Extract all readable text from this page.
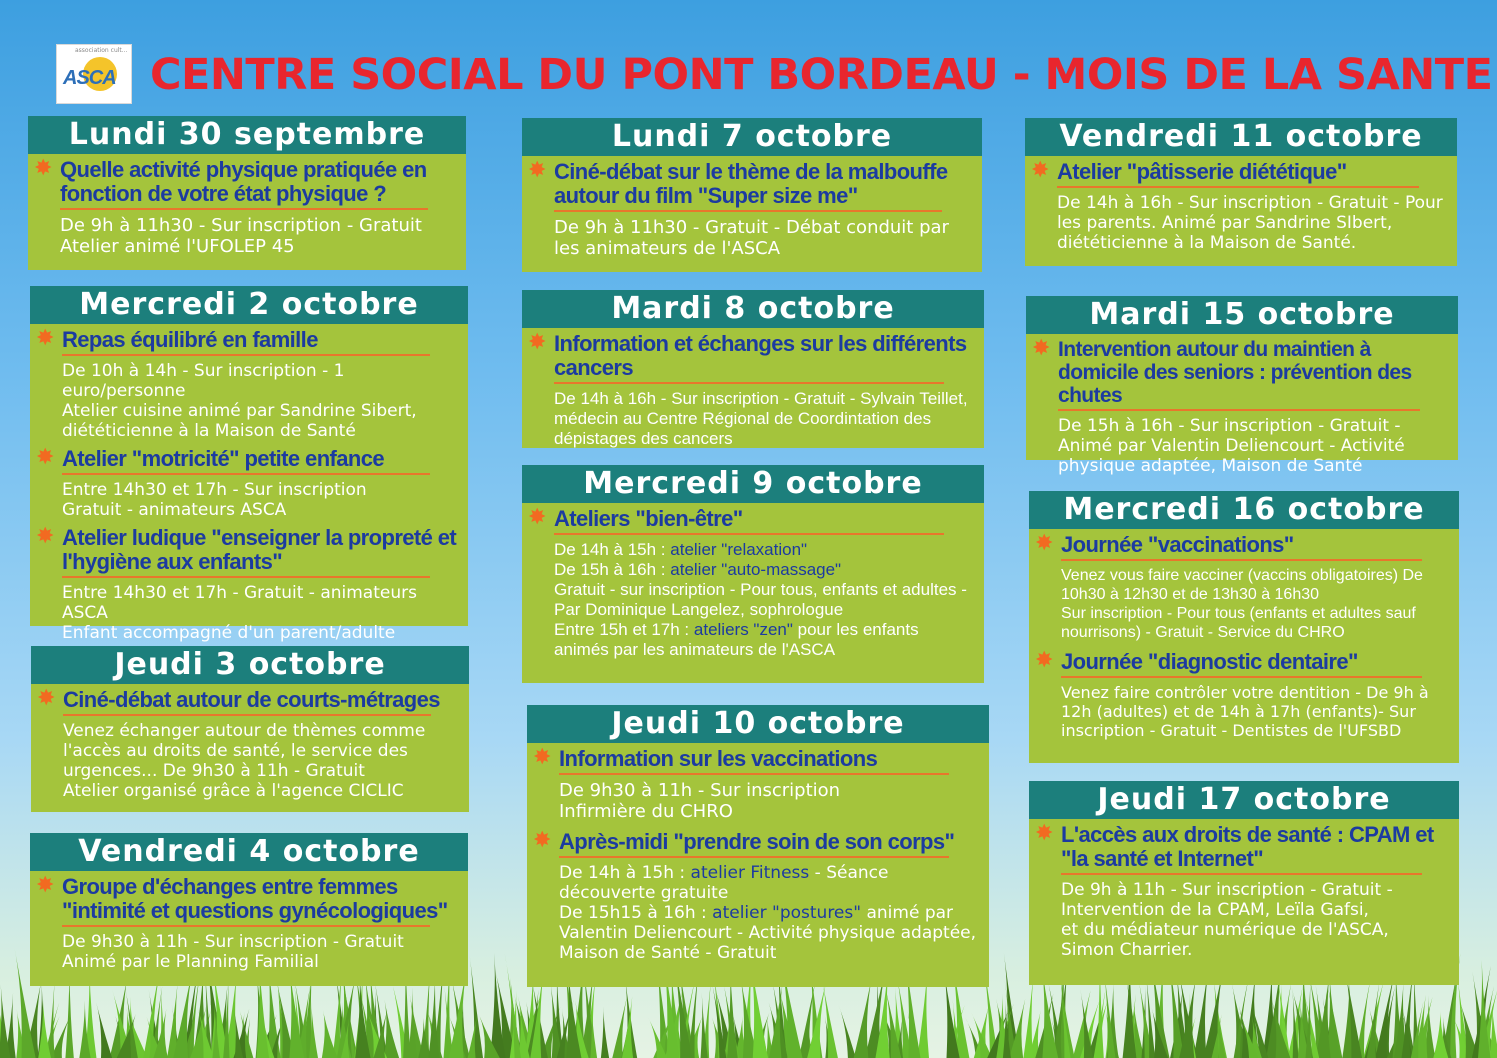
association cult...
ASCA CENTRE SOCIAL DU PONT BORDEAU - MOIS DE LA SANTE
Lundi 30 septembre
✸ Quelle activité physique pratiquée en fonction de votre état physique ?
De 9h à 11h30 - Sur inscription - Gratuit
Atelier animé l'UFOLEP 45
Mercredi 2 octobre
✸ Repas équilibré en famille
De 10h à 14h - Sur inscription - 1 euro/personne
Atelier cuisine animé par Sandrine Sibert, diététicienne à la Maison de Santé
✸ Atelier "motricité" petite enfance
Entre 14h30 et 17h - Sur inscription
Gratuit - animateurs ASCA
✸ Atelier ludique "enseigner la propreté et l'hygiène aux enfants"
Entre 14h30 et 17h - Gratuit - animateurs ASCA
Enfant accompagné d'un parent/adulte
Jeudi 3 octobre
✸ Ciné-débat autour de courts-métrages
Venez échanger autour de thèmes comme l'accès au droits de santé, le service des urgences... De 9h30 à 11h - Gratuit
Atelier organisé grâce à l'agence CICLIC
Vendredi 4 octobre
✸ Groupe d'échanges entre femmes "intimité et questions gynécologiques"
De 9h30 à 11h - Sur inscription - Gratuit
Animé par le Planning Familial
Lundi 7 octobre
✸ Ciné-débat sur le thème de la malbouffe autour du film "Super size me"
De 9h à 11h30 - Gratuit - Débat conduit par les animateurs de l'ASCA
Mardi 8 octobre
✸ Information et échanges sur les différents cancers
De 14h à 16h - Sur inscription - Gratuit - Sylvain Teillet, médecin au Centre Régional de Coordintation des dépistages des cancers
Mercredi 9 octobre
✸ Ateliers "bien-être"
De 14h à 15h : atelier "relaxation"
De 15h à 16h : atelier "auto-massage"
Gratuit - sur inscription - Pour tous, enfants et adultes - Par Dominique Langelez, sophrologue
Entre 15h et 17h : ateliers "zen" pour les enfants animés par les animateurs de l'ASCA
Jeudi 10 octobre
✸ Information sur les vaccinations
De 9h30 à 11h - Sur inscription
Infirmière du CHRO
✸ Après-midi "prendre soin de son corps"
De 14h à 15h : atelier Fitness - Séance découverte gratuite
De 15h15 à 16h : atelier "postures" animé par Valentin Deliencourt - Activité physique adaptée, Maison de Santé - Gratuit
Vendredi 11 octobre
✸ Atelier "pâtisserie diététique"
De 14h à 16h - Sur inscription - Gratuit - Pour les parents. Animé par Sandrine SIbert, diététicienne à la Maison de Santé.
Mardi 15 octobre
✸ Intervention autour du maintien à domicile des seniors : prévention des chutes
De 15h à 16h - Sur inscription - Gratuit - Animé par Valentin Deliencourt - Activité physique adaptée, Maison de Santé
Mercredi 16 octobre
✸ Journée "vaccinations"
Venez vous faire vacciner (vaccins obligatoires) De 10h30 à 12h30 et de 13h30 à 16h30
Sur inscription - Pour tous (enfants et adultes sauf nourrisons) - Gratuit - Service du CHRO
✸ Journée "diagnostic dentaire"
Venez faire contrôler votre dentition - De 9h à 12h (adultes) et de 14h à 17h (enfants)- Sur inscription - Gratuit - Dentistes de l'UFSBD
Jeudi 17 octobre
✸ L'accès aux droits de santé : CPAM et "la santé et Internet"
De 9h à 11h - Sur inscription - Gratuit - Intervention de la CPAM, Leïla Gafsi,
et du médiateur numérique de l'ASCA,
Simon Charrier.
